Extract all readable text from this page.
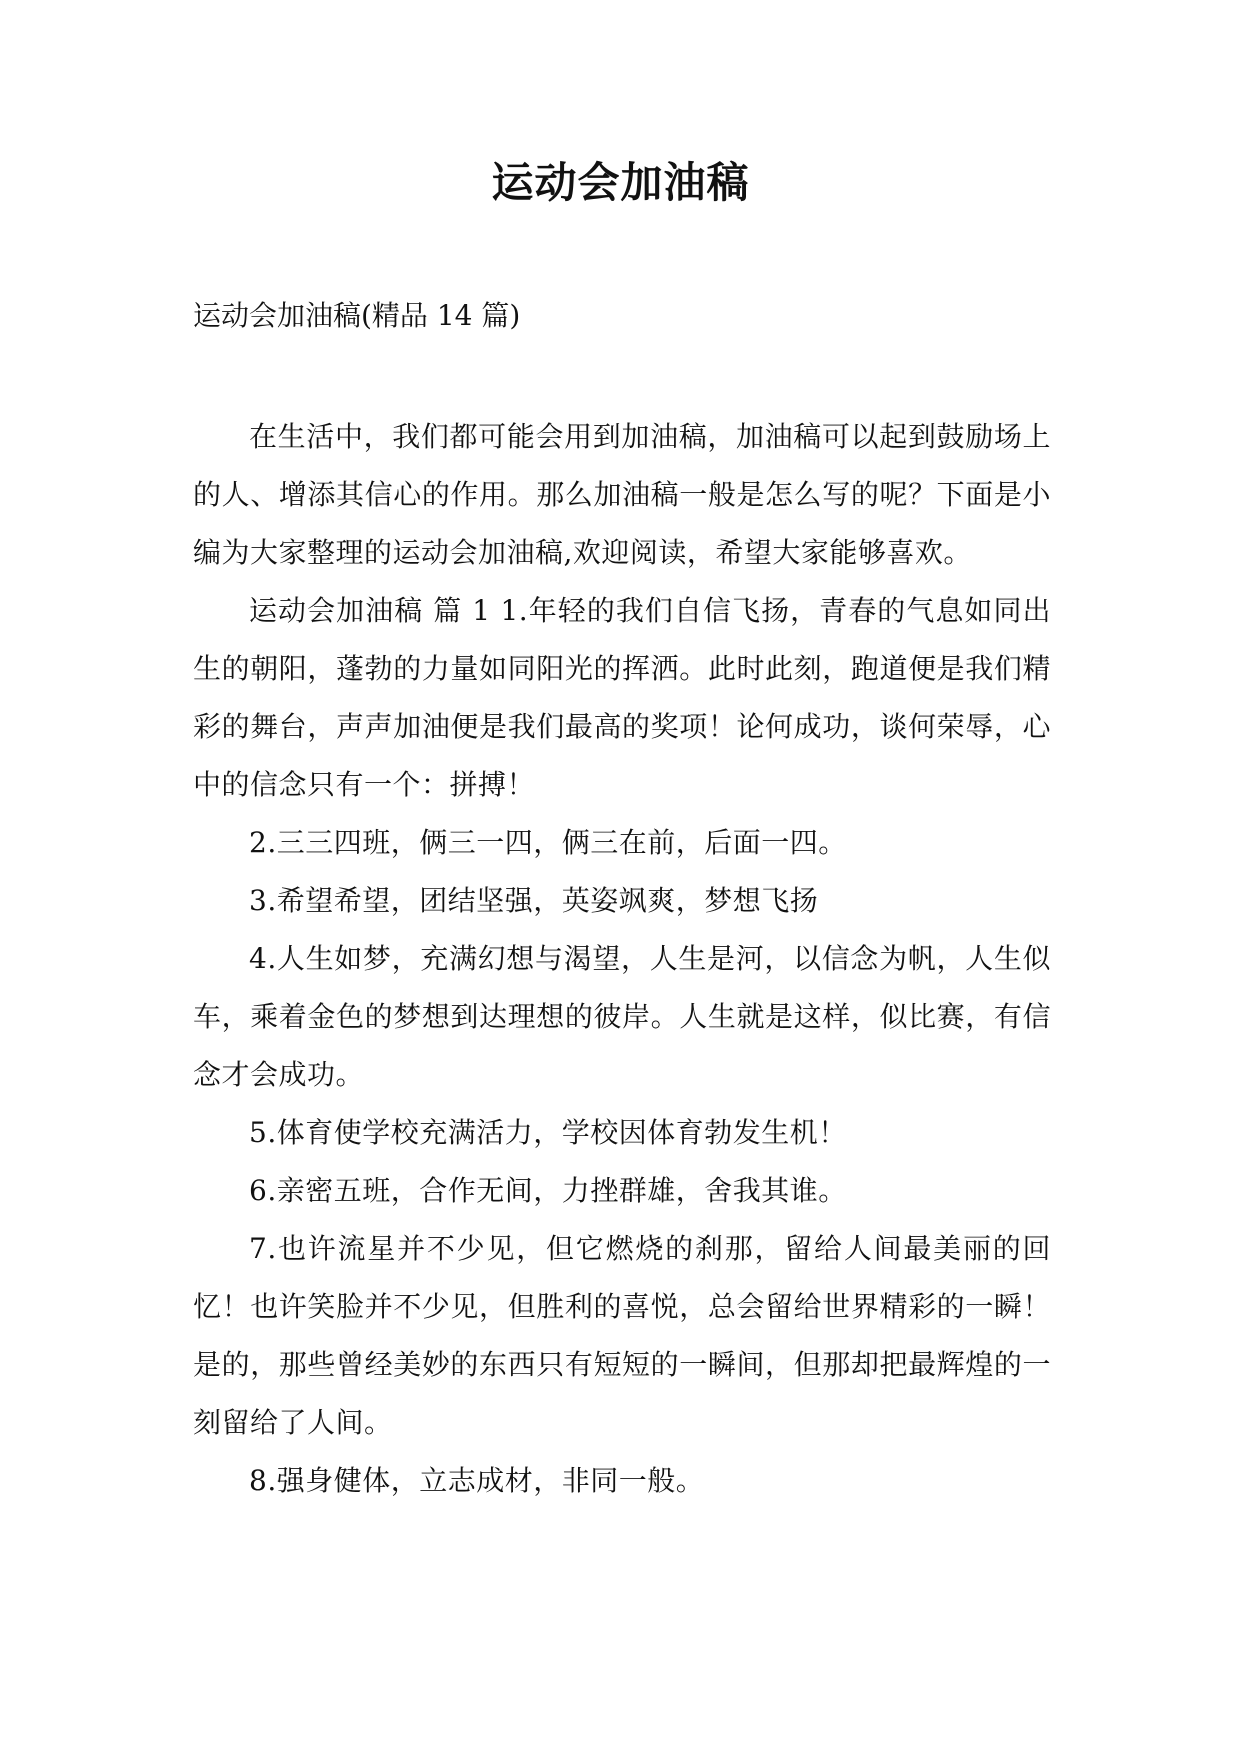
运动会加油稿

运动会加油稿(精品 14 篇)

在生活中，我们都可能会用到加油稿，加油稿可以起到鼓励场上的人、增添其信心的作用。那么加油稿一般是怎么写的呢？下面是小编为大家整理的运动会加油稿,欢迎阅读，希望大家能够喜欢。

运动会加油稿 篇 1 1.年轻的我们自信飞扬，青春的气息如同出生的朝阳，蓬勃的力量如同阳光的挥洒。此时此刻，跑道便是我们精彩的舞台，声声加油便是我们最高的奖项！论何成功，谈何荣辱，心中的信念只有一个：拼搏！

2.三三四班，俩三一四，俩三在前，后面一四。

3.希望希望，团结坚强，英姿飒爽，梦想飞扬

4.人生如梦，充满幻想与渴望，人生是河，以信念为帆，人生似车，乘着金色的梦想到达理想的彼岸。人生就是这样，似比赛，有信念才会成功。

5.体育使学校充满活力，学校因体育勃发生机！

6.亲密五班，合作无间，力挫群雄，舍我其谁。

7.也许流星并不少见，但它燃烧的刹那，留给人间最美丽的回忆！也许笑脸并不少见，但胜利的喜悦，总会留给世界精彩的一瞬！是的，那些曾经美妙的东西只有短短的一瞬间，但那却把最辉煌的一刻留给了人间。

8.强身健体，立志成材，非同一般。
